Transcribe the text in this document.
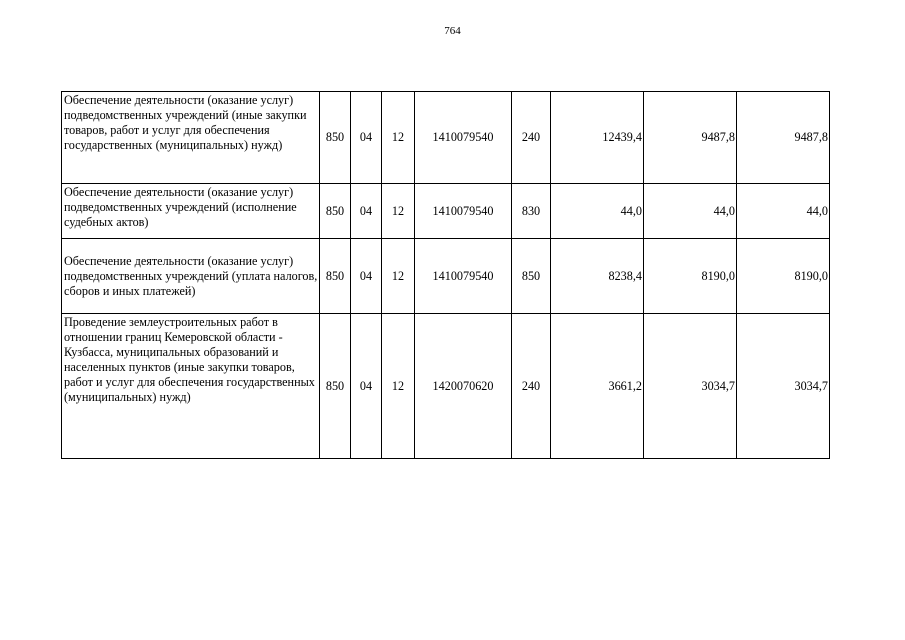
764
Обеспечение деятельности (оказание услуг) подведомственных учреждений (иные закупки товаров, работ и услуг для обеспечения государственных (муниципальных) нужд)	850	04	12	1410079540	240	12439,4	9487,8	9487,8
Обеспечение деятельности (оказание услуг) подведомственных учреждений (исполнение судебных актов)	850	04	12	1410079540	830	44,0	44,0	44,0
Обеспечение деятельности (оказание услуг) подведомственных учреждений (уплата налогов, сборов и иных платежей)	850	04	12	1410079540	850	8238,4	8190,0	8190,0
Проведение землеустроительных работ в отношении границ Кемеровской области - Кузбасса, муниципальных образований и населенных пунктов (иные закупки товаров, работ и услуг для обеспечения государственных (муниципальных) нужд)	850	04	12	1420070620	240	3661,2	3034,7	3034,7
